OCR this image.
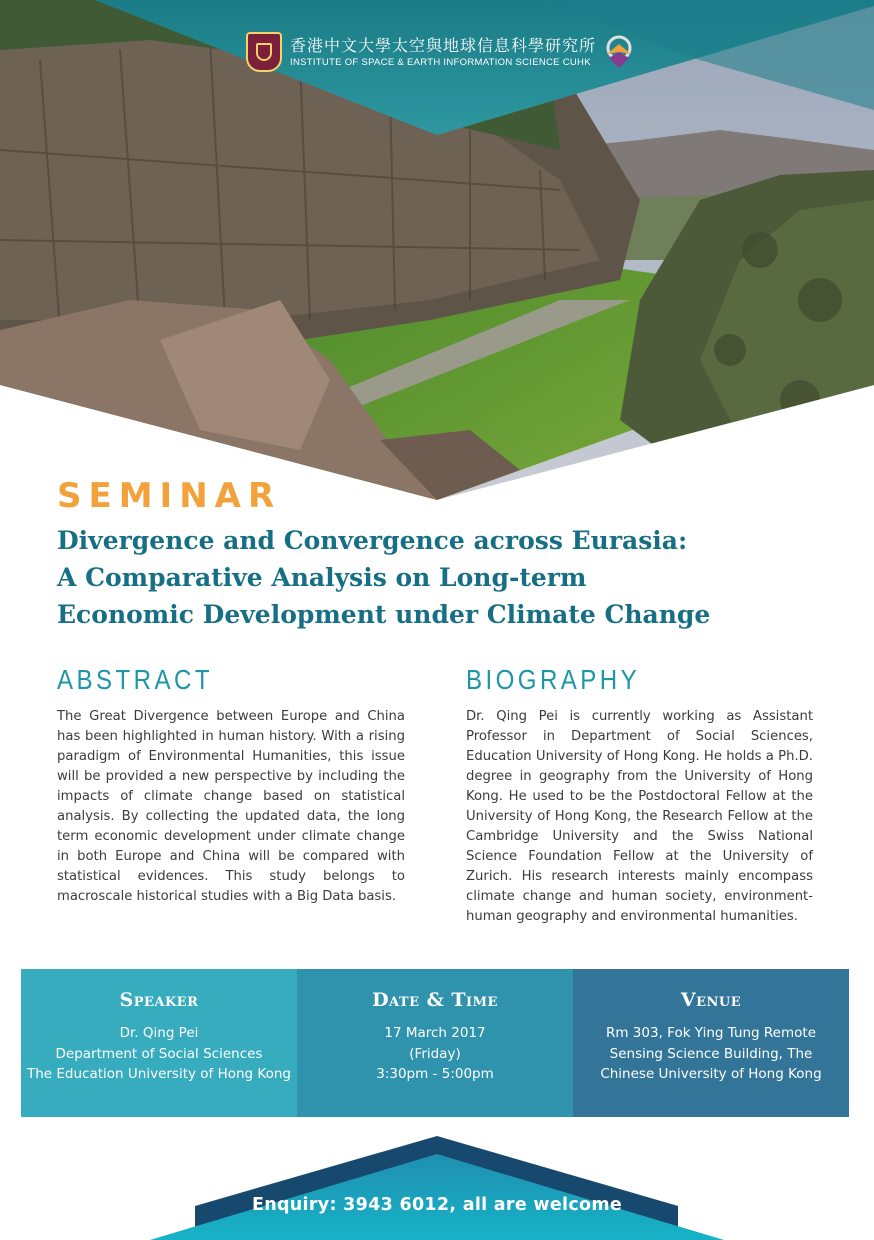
香港中文大學太空與地球信息科學研究所
INSTITUTE OF SPACE & EARTH INFORMATION SCIENCE CUHK
SEMINAR
Divergence and Convergence across Eurasia:
A Comparative Analysis on Long-term
Economic Development under Climate Change
ABSTRACT
The Great Divergence between Europe and China has been highlighted in human history. With a rising paradigm of Environmental Humanities, this issue will be provided a new perspective by including the impacts of climate change based on statistical analysis. By collecting the updated data, the long term economic development under climate change in both Europe and China will be compared with statistical evidences. This study belongs to macroscale historical studies with a Big Data basis.
BIOGRAPHY
Dr. Qing Pei is currently working as Assistant Professor in Department of Social Sciences, Education University of Hong Kong. He holds a Ph.D. degree in geography from the University of Hong Kong. He used to be the Postdoctoral Fellow at the University of Hong Kong, the Research Fellow at the Cambridge University and the Swiss National Science Foundation Fellow at the University of Zurich. His research interests mainly encompass climate change and human society, environment-human geography and environmental humanities.
Speaker
Dr. Qing Pei
Department of Social Sciences
The Education University of Hong Kong
Date & Time
17 March 2017
(Friday)
3:30pm - 5:00pm
Venue
Rm 303, Fok Ying Tung Remote
Sensing Science Building, The
Chinese University of Hong Kong
Enquiry: 3943 6012, all are welcome
